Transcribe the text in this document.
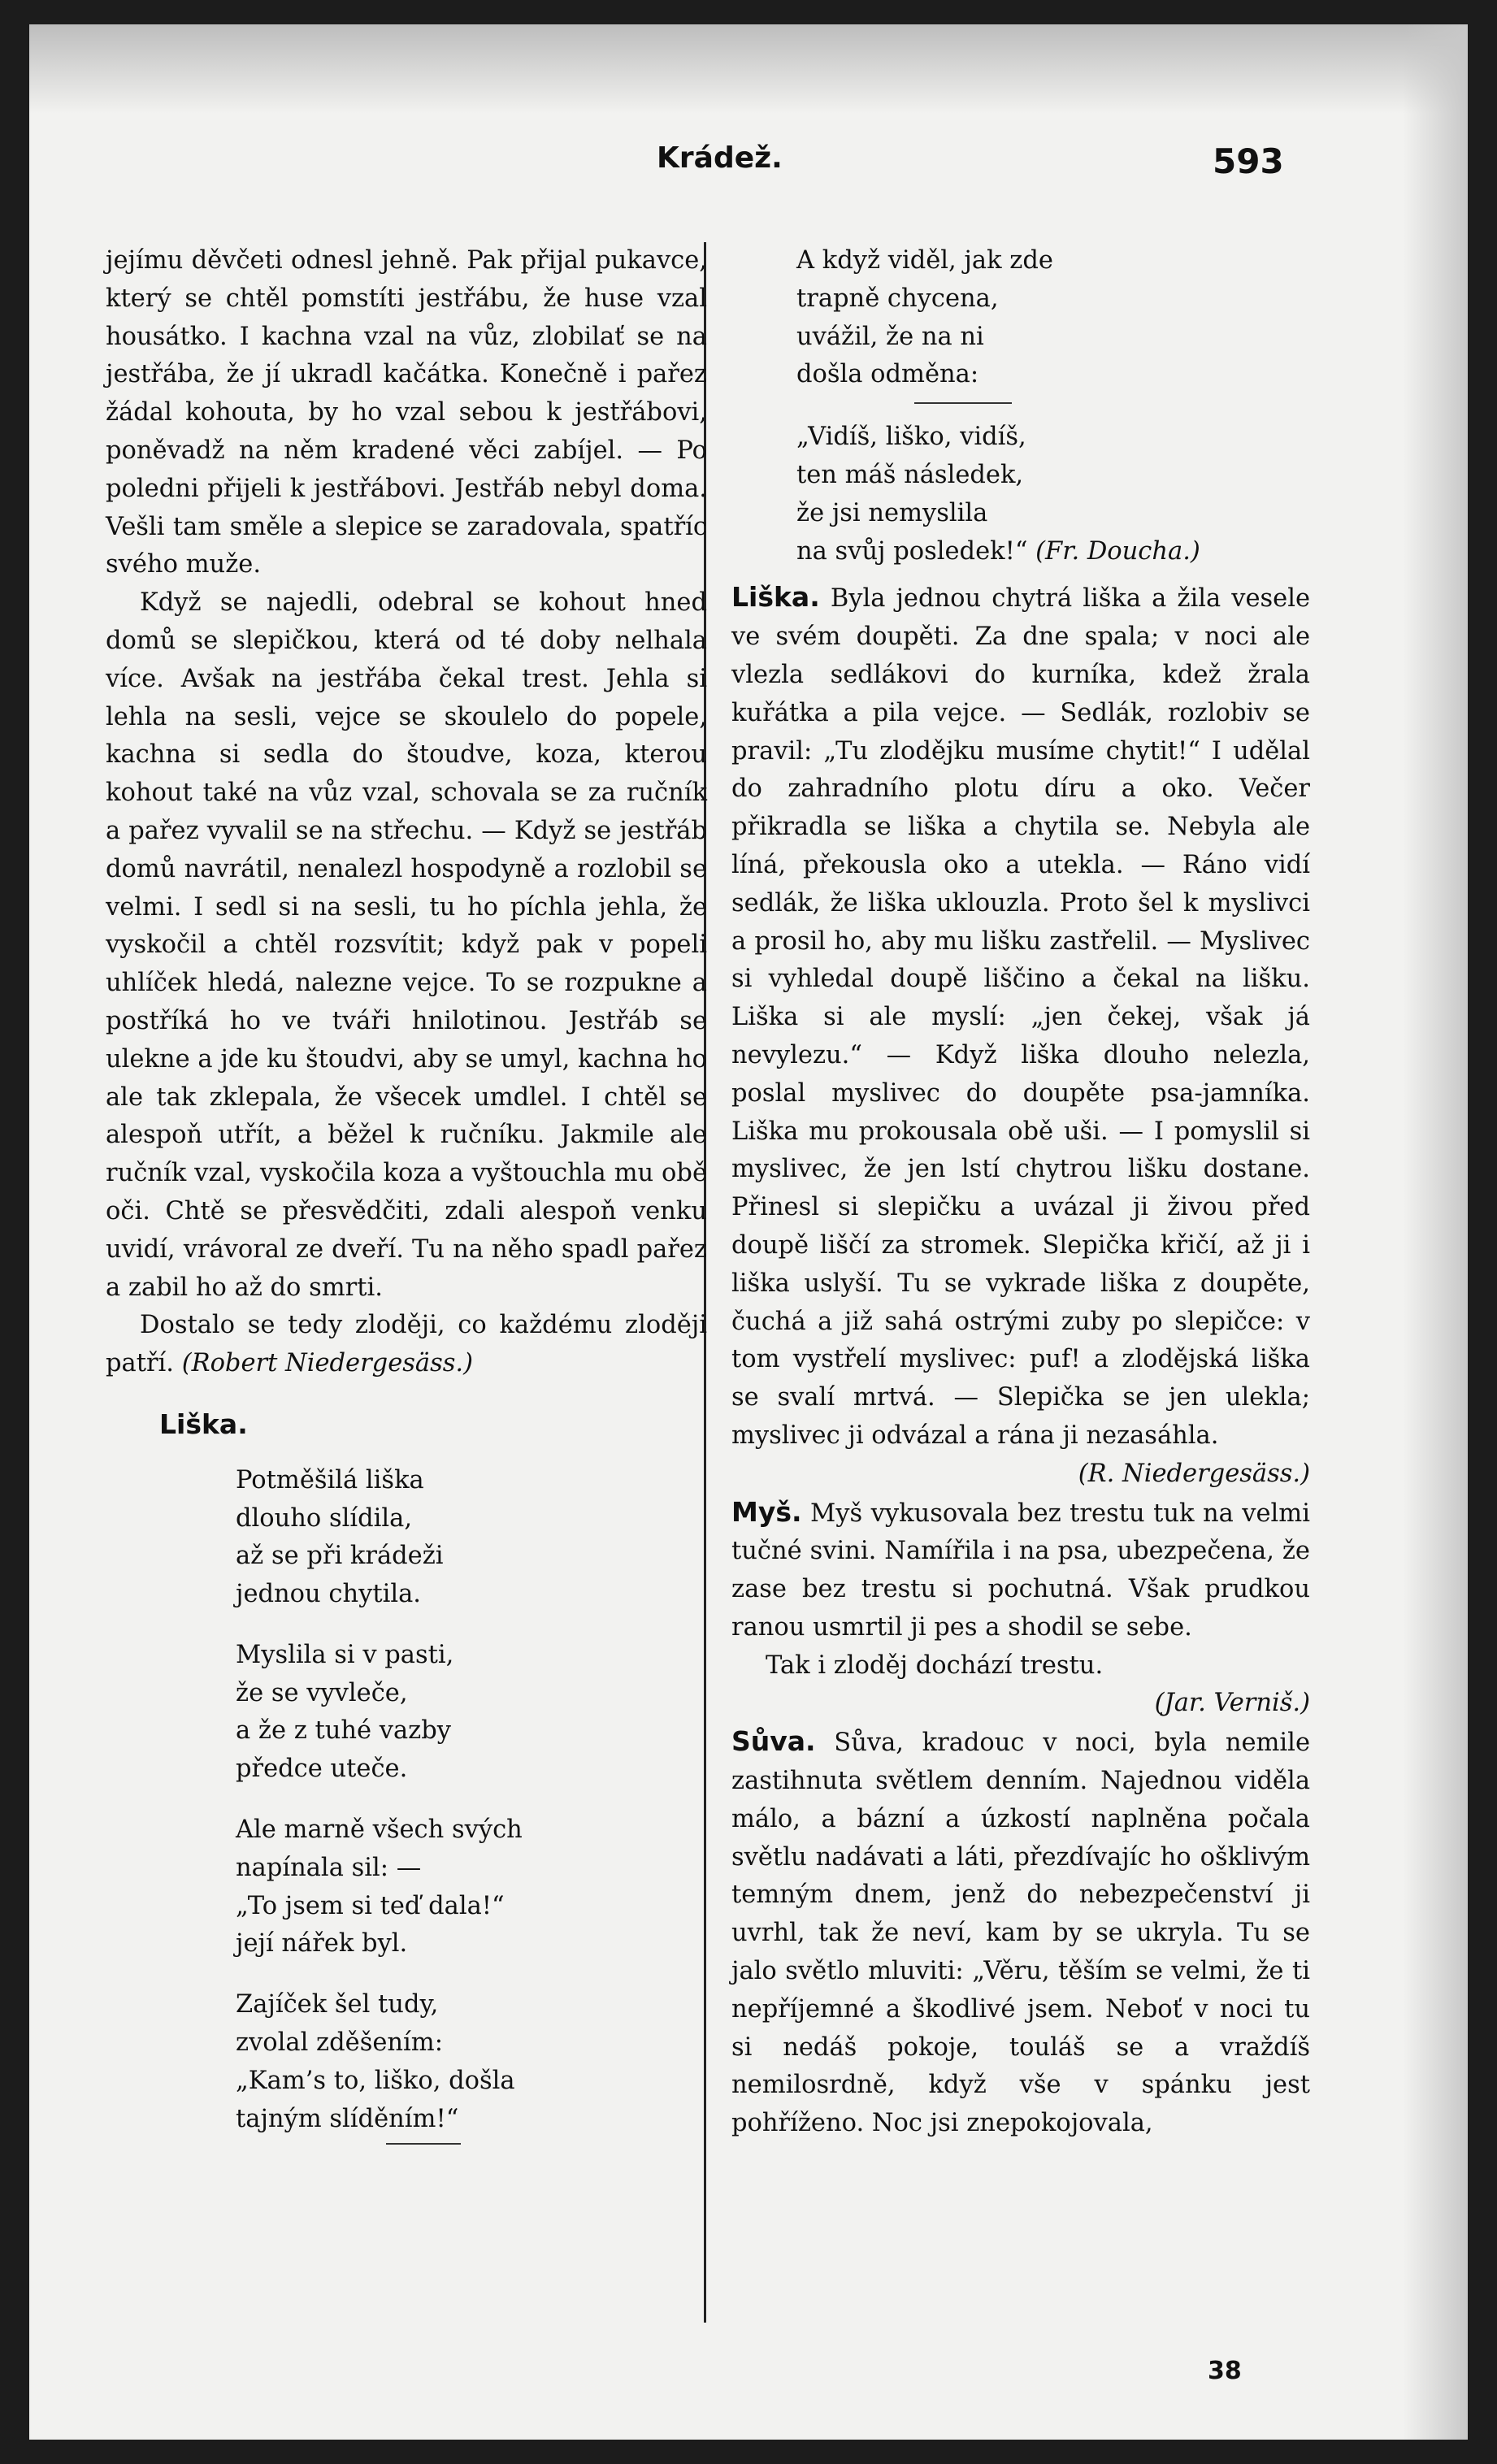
Krádež.	593

jejímu děvčeti odnesl jehně. Pak přijal pukavce, který se chtěl pomstíti jestřábu, že huse vzal housátko. I kachna vzal na vůz, zlobilať se na jestřába, že jí ukradl kačátka. Konečně i pařez žádal kohouta, by ho vzal sebou k jestřábovi, poněvadž na něm kradené věci zabíjel. — Po poledni přijeli k jestřábovi. Jestřáb nebyl doma. Vešli tam směle a slepice se zaradovala, spatříc svého muže.

Když se najedli, odebral se kohout hned domů se slepičkou, která od té doby nelhala více. Avšak na jestřába čekal trest. Jehla si lehla na sesli, vejce se skoulelo do popele, kachna si sedla do štoudve, koza, kterou kohout také na vůz vzal, schovala se za ručník a pařez vyvalil se na střechu. — Když se jestřáb domů navrátil, nenalezl hospodyně a rozlobil se velmi. I sedl si na sesli, tu ho píchla jehla, že vyskočil a chtěl rozsvítit; když pak v popeli uhlíček hledá, nalezne vejce. To se rozpukne a postříká ho ve tváři hnilotinou. Jestřáb se ulekne a jde ku štoudvi, aby se umyl, kachna ho ale tak zklepala, že všecek umdlel. I chtěl se alespoň utřít, a běžel k ručníku. Jakmile ale ručník vzal, vyskočila koza a vyštouchla mu obě oči. Chtě se přesvědčiti, zdali alespoň venku uvidí, vrávoral ze dveří. Tu na něho spadl pařez a zabil ho až do smrti.

Dostalo se tedy zloději, co každému zloději patří. (Robert Niedergesäss.)

Liška.
Potměšilá liška
dlouho slídila,
až se při krádeži
jednou chytila.
Myslila si v pasti,
že se vyvleče,
a že z tuhé vazby
předce uteče.
Ale marně všech svých
napínala sil: —
„To jsem si teď dala!“
její nářek byl.
Zajíček šel tudy,
zvolal zděšením:
„Kam’s to, liško, došla
tajným slíděním!“
A když viděl, jak zde
trapně chycena,
uvážil, že na ni
došla odměna:
„Vidíš, liško, vidíš,
ten máš následek,
že jsi nemyslila
na svůj posledek!“ (Fr. Doucha.)

Liška. Byla jednou chytrá liška a žila vesele ve svém doupěti. Za dne spala; v noci ale vlezla sedlákovi do kurníka, kdež žrala kuřátka a pila vejce. — Sedlák, rozlobiv se pravil: „Tu zlodějku musíme chytit!“ I udělal do zahradního plotu díru a oko. Večer přikradla se liška a chytila se. Nebyla ale líná, překousla oko a utekla. — Ráno vidí sedlák, že liška uklouzla. Proto šel k myslivci a prosil ho, aby mu lišku zastřelil. — Myslivec si vyhledal doupě liščino a čekal na lišku. Liška si ale myslí: „jen čekej, však já nevylezu.“ — Když liška dlouho nelezla, poslal myslivec do doupěte psa-jamníka. Liška mu prokousala obě uši. — I pomyslil si myslivec, že jen lstí chytrou lišku dostane. Přinesl si slepičku a uvázal ji živou před doupě liščí za stromek. Slepička křičí, až ji i liška uslyší. Tu se vykrade liška z doupěte, čuchá a již sahá ostrými zuby po slepičce: v tom vystřelí myslivec: puf! a zlodějská liška se svalí mrtvá. — Slepička se jen ulekla; myslivec ji odvázal a rána ji nezasáhla.

(R. Niedergesäss.)

Myš. Myš vykusovala bez trestu tuk na velmi tučné svini. Namířila i na psa, ubezpečena, že zase bez trestu si pochutná. Však prudkou ranou usmrtil ji pes a shodil se sebe.

Tak i zloděj dochází trestu.

(Jar. Verniš.)

Sůva. Sůva, kradouc v noci, byla nemile zastihnuta světlem denním. Najednou viděla málo, a bázní a úzkostí naplněna počala světlu nadávati a láti, přezdívajíc ho ošklivým temným dnem, jenž do nebezpečenství ji uvrhl, tak že neví, kam by se ukryla. Tu se jalo světlo mluviti: „Věru, těším se velmi, že ti nepříjemné a škodlivé jsem. Neboť v noci tu si nedáš pokoje, touláš se a vraždíš nemilosrdně, když vše v spánku jest pohříženo. Noc jsi znepokojovala,

38
